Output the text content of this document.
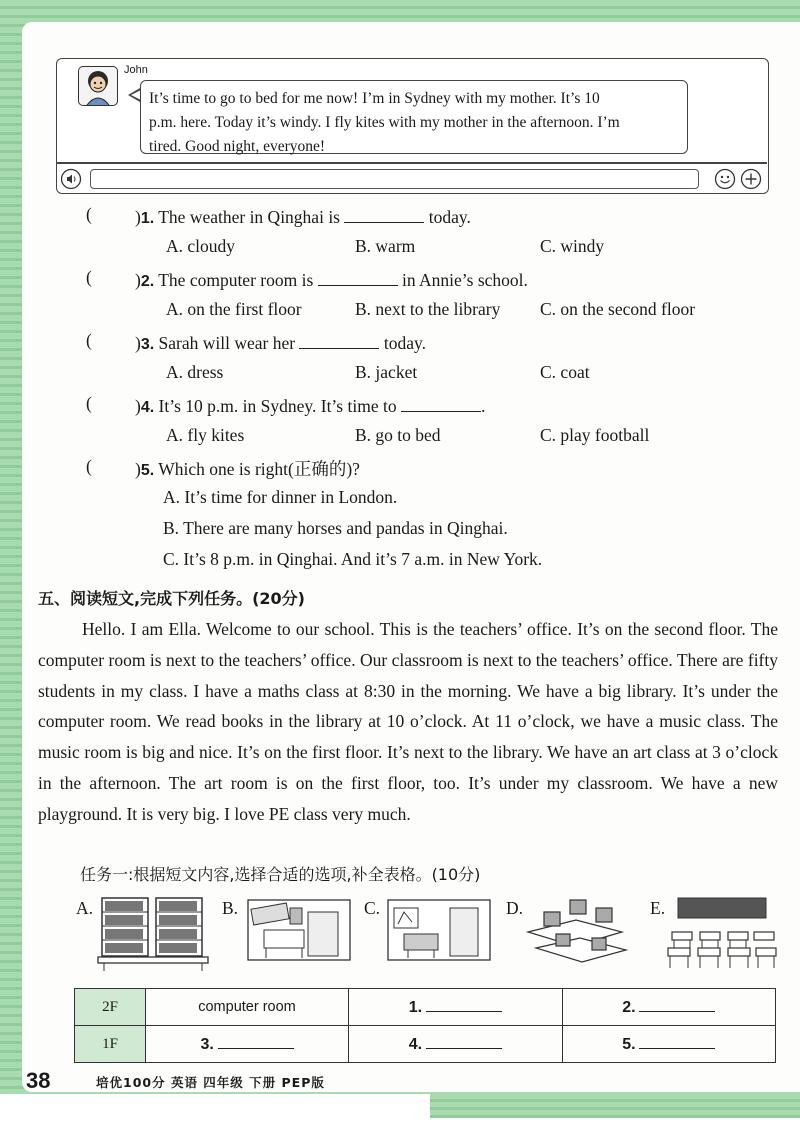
John
It’s time to go to bed for me now! I’m in Sydney with my mother. It’s 10
p.m. here. Today it’s windy. I fly kites with my mother in the afternoon. I’m
tired. Good night, everyone!
( )1. The weather in Qinghai is	today.
A. cloudy	B. warm	C. windy
( )2. The computer room is	in Annie’s school.
A. on the first floor	B. next to the library C. on the second floor
( )3. Sarah will wear her	today.
A. dress	B. jacket	C. coat
( )4. It’s 10 p.m. in Sydney. It’s time to	.
A. fly kites	B. go to bed	C. play football
( )5. Which one is right(正确的)?
A. It’s time for dinner in London.
B. There are many horses and pandas in Qinghai.
C. It’s 8 p.m. in Qinghai. And it’s 7 a.m. in New York.
五、阅读短文,完成下列任务。(20分)

Hello. I am Ella. Welcome to our school. This is the teachers’ office. It’s on the second floor. The computer room is next to the teachers’ office. Our classroom is next to the teachers’ office. There are fifty students in my class. I have a maths class at 8:30 in the morning. We have a big library. It’s under the computer room. We read books in the library at 10 o’clock. At 11 o’clock, we have a music class. The music room is big and nice. It’s on the first floor. It’s next to the library. We have an art class at 3 o’clock in the afternoon. The art room is on the first floor, too. It’s under my classroom. We have a new playground. It is very big. I love PE class very much.

任务一:根据短文内容,选择合适的选项,补全表格。(10分)
A.	B.	C.	D.	E.
2F	computer room	1.	2.
1F	3.	4.	5.
38	培优100分 英语 四年级 下册 PEP版
